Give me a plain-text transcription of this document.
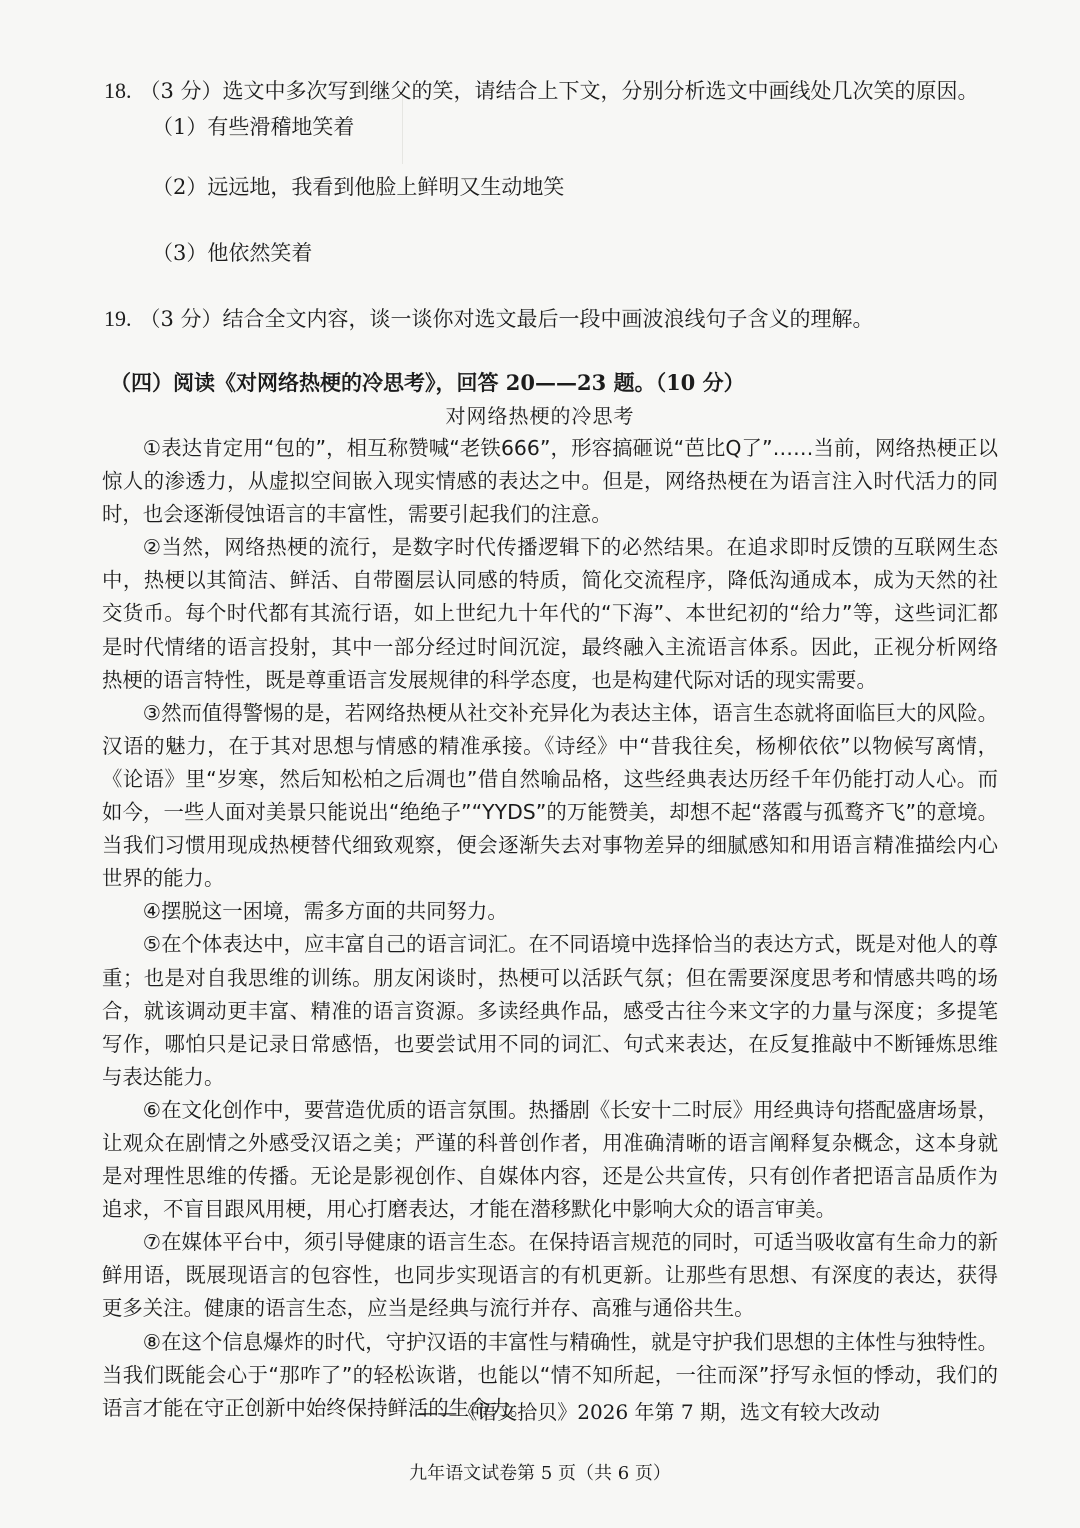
18. （3 分）选文中多次写到继父的笑，请结合上下文，分别分析选文中画线处几次笑的原因。
（1）有些滑稽地笑着
（2）远远地，我看到他脸上鲜明又生动地笑
（3）他依然笑着
19. （3 分）结合全文内容，谈一谈你对选文最后一段中画波浪线句子含义的理解。
（四）阅读《对网络热梗的冷思考》，回答 20——23 题。（10 分）
对网络热梗的冷思考

①表达肯定用“包的”，相互称赞喊“老铁666”，形容搞砸说“芭比Q了”……当前，网络热梗正以惊人的渗透力，从虚拟空间嵌入现实情感的表达之中。但是，网络热梗在为语言注入时代活力的同时，也会逐渐侵蚀语言的丰富性，需要引起我们的注意。

②当然，网络热梗的流行，是数字时代传播逻辑下的必然结果。在追求即时反馈的互联网生态中，热梗以其简洁、鲜活、自带圈层认同感的特质，简化交流程序，降低沟通成本，成为天然的社交货币。每个时代都有其流行语，如上世纪九十年代的“下海”、本世纪初的“给力”等，这些词汇都是时代情绪的语言投射，其中一部分经过时间沉淀，最终融入主流语言体系。因此，正视分析网络热梗的语言特性，既是尊重语言发展规律的科学态度，也是构建代际对话的现实需要。

③然而值得警惕的是，若网络热梗从社交补充异化为表达主体，语言生态就将面临巨大的风险。汉语的魅力，在于其对思想与情感的精准承接。《诗经》中“昔我往矣，杨柳依依”以物候写离情，《论语》里“岁寒，然后知松柏之后凋也”借自然喻品格，这些经典表达历经千年仍能打动人心。而如今，一些人面对美景只能说出“绝绝子”“YYDS”的万能赞美，却想不起“落霞与孤鹜齐飞”的意境。当我们习惯用现成热梗替代细致观察，便会逐渐失去对事物差异的细腻感知和用语言精准描绘内心世界的能力。

④摆脱这一困境，需多方面的共同努力。

⑤在个体表达中，应丰富自己的语言词汇。在不同语境中选择恰当的表达方式，既是对他人的尊重；也是对自我思维的训练。朋友闲谈时，热梗可以活跃气氛；但在需要深度思考和情感共鸣的场合，就该调动更丰富、精准的语言资源。多读经典作品，感受古往今来文字的力量与深度；多提笔写作，哪怕只是记录日常感悟，也要尝试用不同的词汇、句式来表达，在反复推敲中不断锤炼思维与表达能力。

⑥在文化创作中，要营造优质的语言氛围。热播剧《长安十二时辰》用经典诗句搭配盛唐场景，让观众在剧情之外感受汉语之美；严谨的科普创作者，用准确清晰的语言阐释复杂概念，这本身就是对理性思维的传播。无论是影视创作、自媒体内容，还是公共宣传，只有创作者把语言品质作为追求，不盲目跟风用梗，用心打磨表达，才能在潜移默化中影响大众的语言审美。

⑦在媒体平台中，须引导健康的语言生态。在保持语言规范的同时，可适当吸收富有生命力的新鲜用语，既展现语言的包容性，也同步实现语言的有机更新。让那些有思想、有深度的表达，获得更多关注。健康的语言生态，应当是经典与流行并存、高雅与通俗共生。

⑧在这个信息爆炸的时代，守护汉语的丰富性与精确性，就是守护我们思想的主体性与独特性。当我们既能会心于“那咋了”的轻松诙谐，也能以“情不知所起，一往而深”抒写永恒的悸动，我们的语言才能在守正创新中始终保持鲜活的生命力。

——《语文拾贝》2026 年第 7 期，选文有较大改动
九年语文试卷第 5 页（共 6 页）
